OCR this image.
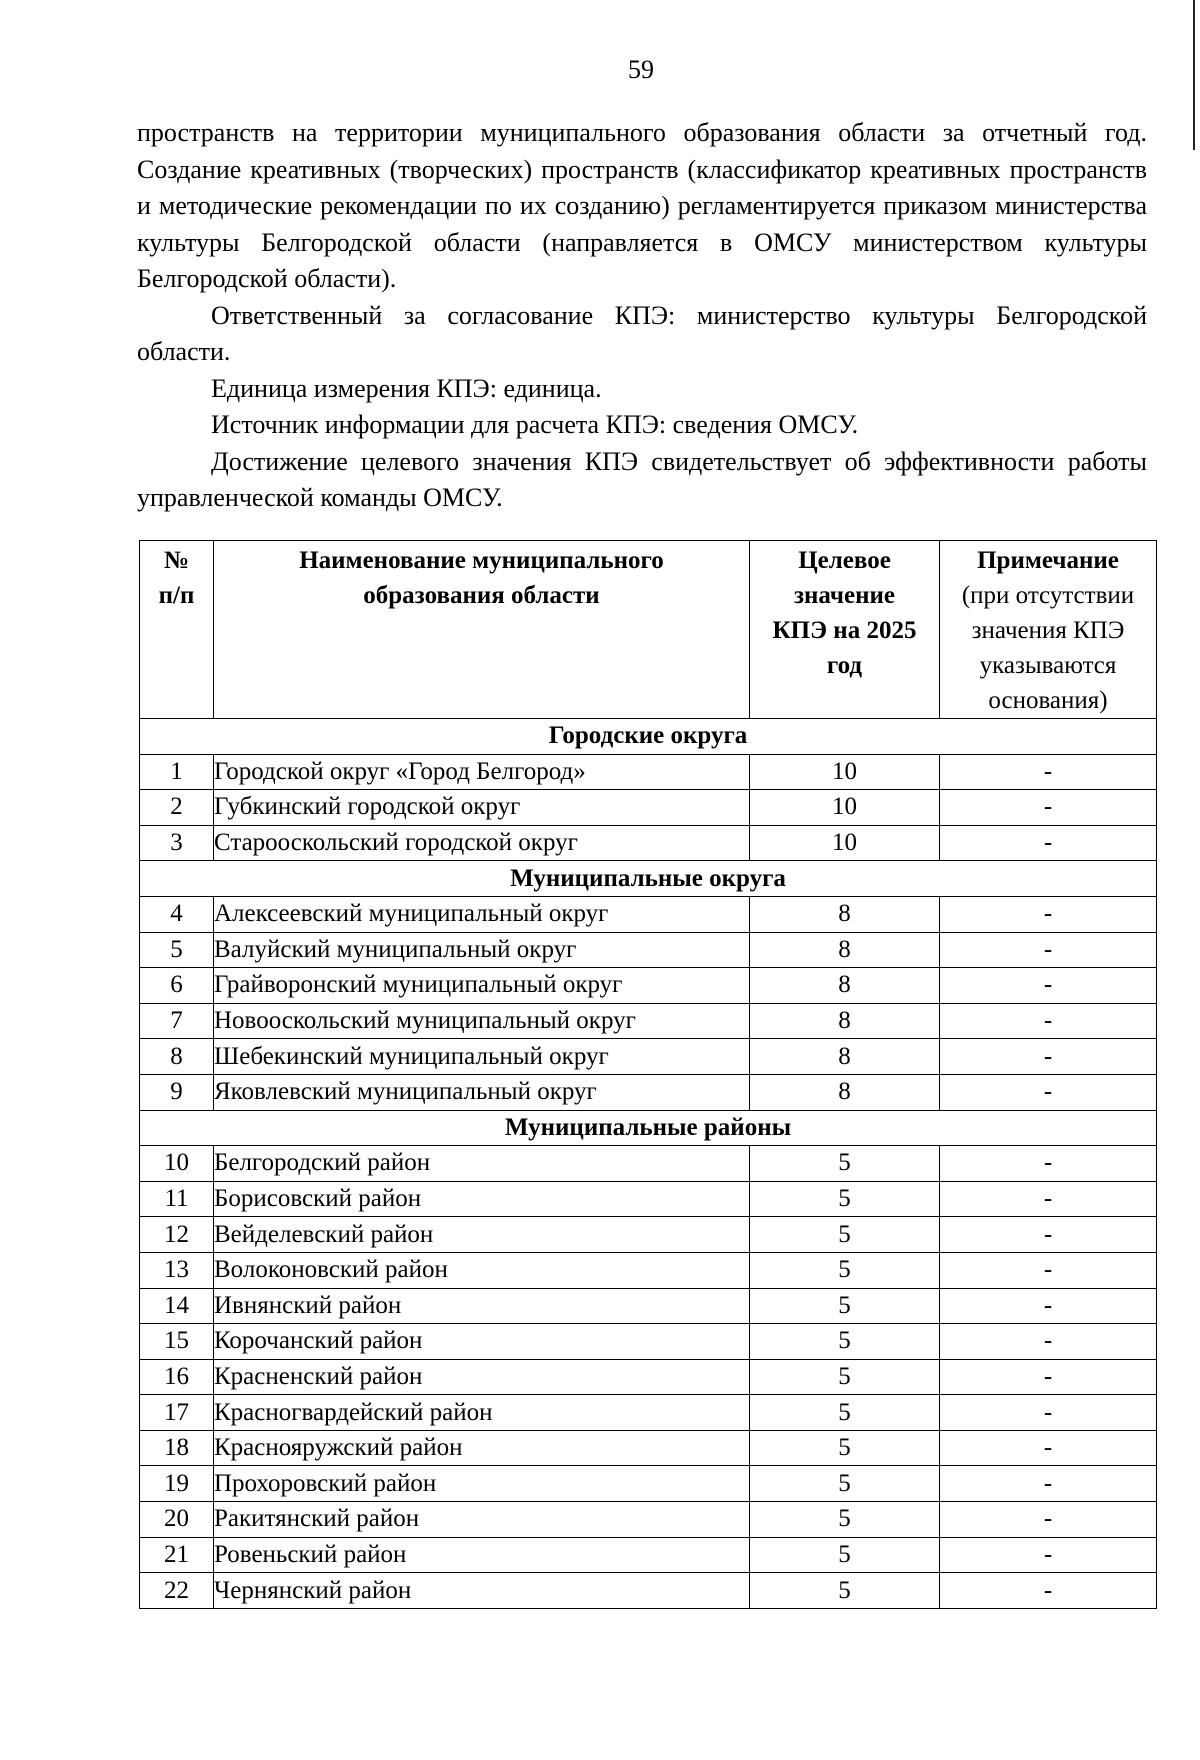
59

пространств на территории муниципального образования области за отчетный год. Создание креативных (творческих) пространств (классификатор креативных пространств и методические рекомендации по их созданию) регламентируется приказом министерства культуры Белгородской области (направляется в ОМСУ министерством культуры Белгородской области).

Ответственный за согласование КПЭ: министерство культуры Белгородской области.

Единица измерения КПЭ: единица.

Источник информации для расчета КПЭ: сведения ОМСУ.

Достижение целевого значения КПЭ свидетельствует об эффективности работы управленческой команды ОМСУ.

№ п/п	Наименование муниципального образования области	Целевое значение КПЭ на 2025 год	Примечание
(при отсутствии значения КПЭ указываются основания)

Городские округа			
1	Городской округ «Город Белгород»	10	-
2	Губкинский городской округ	10	-
3	Старооскольский городской округ	10	-
Муниципальные округа			
4	Алексеевский муниципальный округ	8	-
5	Валуйский муниципальный округ	8	-
6	Грайворонский муниципальный округ	8	-
7	Новооскольский муниципальный округ	8	-
8	Шебекинский муниципальный округ	8	-
9	Яковлевский муниципальный округ	8	-
Муниципальные районы			
10	Белгородский район	5	-
11	Борисовский район	5	-
12	Вейделевский район	5	-
13	Волоконовский район	5	-
14	Ивнянский район	5	-
15	Корочанский район	5	-
16	Красненский район	5	-
17	Красногвардейский район	5	-
18	Краснояружский район	5	-
19	Прохоровский район	5	-
20	Ракитянский район	5	-
21	Ровеньский район	5	-
22	Чернянский район	5	-
